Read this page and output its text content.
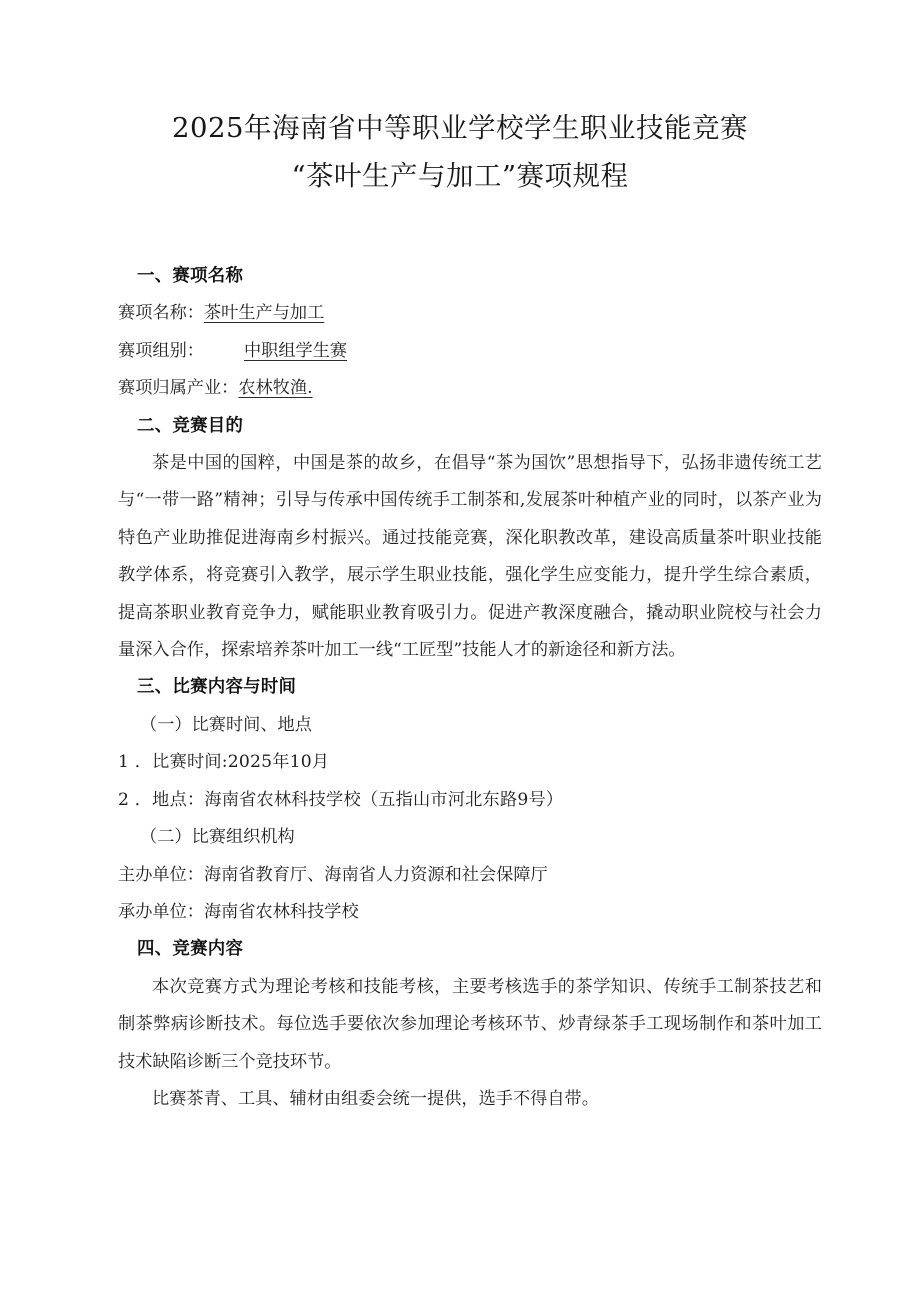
2025年海南省中等职业学校学生职业技能竞赛
“茶叶生产与加工”赛项规程

一、赛项名称

赛项名称：茶叶生产与加工

赛项组别： 中职组学生赛

赛项归属产业：农林牧渔.

二、竞赛目的

茶是中国的国粹，中国是茶的故乡，在倡导“茶为国饮”思想指导下，弘扬非遗传统工艺与“一带一路”精神；引导与传承中国传统手工制茶和,发展茶叶种植产业的同时，以茶产业为特色产业助推促进海南乡村振兴。通过技能竞赛，深化职教改革，建设高质量茶叶职业技能教学体系，将竞赛引入教学，展示学生职业技能，强化学生应变能力，提升学生综合素质，提高茶职业教育竞争力，赋能职业教育吸引力。促进产教深度融合，撬动职业院校与社会力量深入合作，探索培养茶叶加工一线“工匠型”技能人才的新途径和新方法。

三、比赛内容与时间

（一）比赛时间、地点

1 ．比赛时间:2025年10月

2 ．地点：海南省农林科技学校（五指山市河北东路9号）

（二）比赛组织机构

主办单位：海南省教育厅、海南省人力资源和社会保障厅

承办单位：海南省农林科技学校

四、竞赛内容

本次竞赛方式为理论考核和技能考核，主要考核选手的茶学知识、传统手工制茶技艺和制茶弊病诊断技术。每位选手要依次参加理论考核环节、炒青绿茶手工现场制作和茶叶加工技术缺陷诊断三个竞技环节。

比赛茶青、工具、辅材由组委会统一提供，选手不得自带。
